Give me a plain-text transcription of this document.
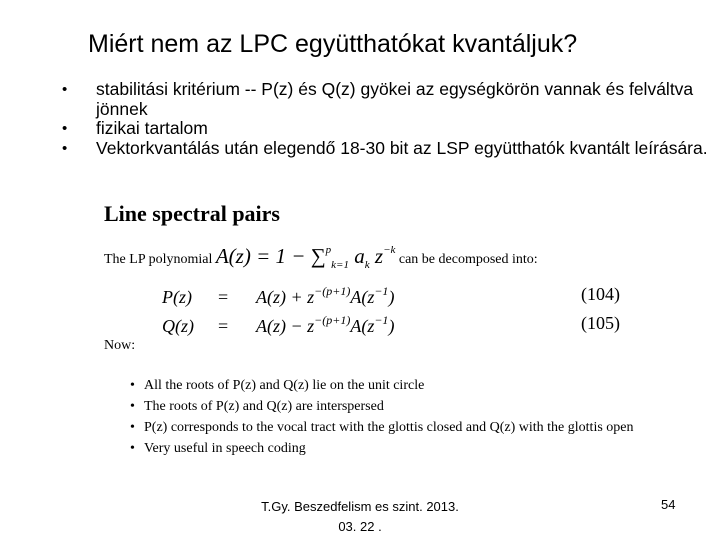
Miért nem az LPC együtthatókat kvantáljuk?
• stabilitási kritérium -- P(z) és Q(z) gyökei az egységkörön vannak és felváltva jönnek
• fizikai tartalom
• Vektorkvantálás után elegendő 18-30 bit az LSP együtthatók kvantált leírására.
Line spectral pairs
The LP polynomial A(z) = 1 − ∑$^p_{k=1}$ $a_k$ $z^{-k}$ can be decomposed into:
$P(z) = A(z) + z^{-(p+1)}A(z^{-1})$	(104)
$Q(z) = A(z) - z^{-(p+1)}A(z^{-1})$	(105)
Now:
• All the roots of P(z) and Q(z) lie on the unit circle
• The roots of P(z) and Q(z) are interspersed
• P(z) corresponds to the vocal tract with the glottis closed and Q(z) with the glottis open
• Very useful in speech coding
T.Gy. Beszedfelism es szint. 2013.
03. 22 .
54
